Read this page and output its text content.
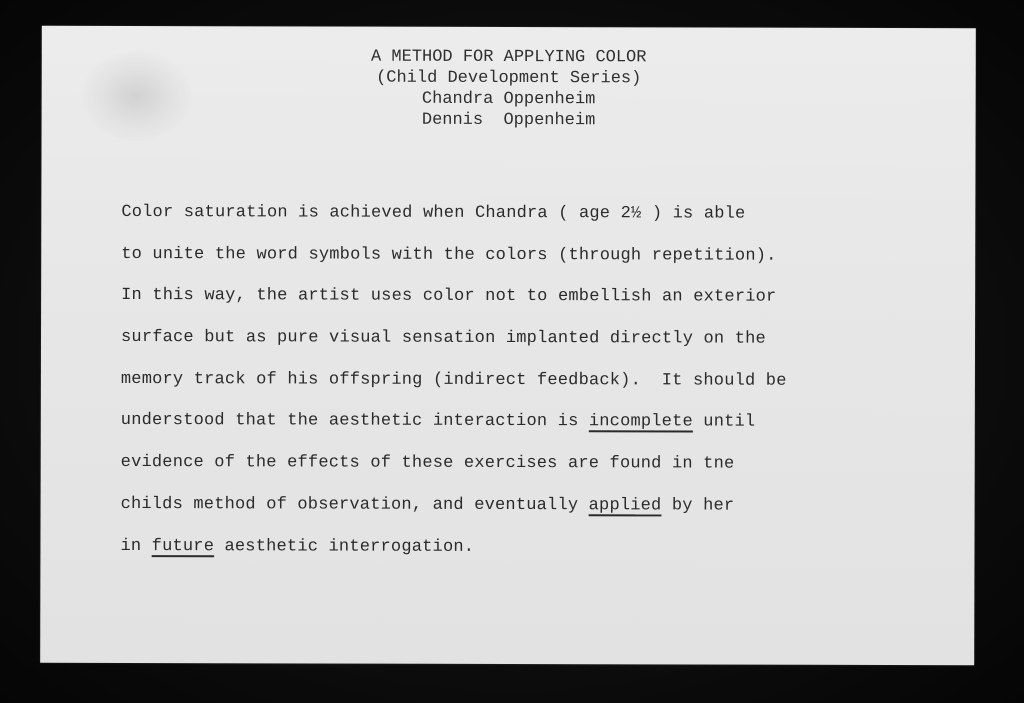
A METHOD FOR APPLYING COLOR
(Child Development Series)
Chandra Oppenheim
Dennis  Oppenheim
Color saturation is achieved when Chandra ( age 2½ ) is able
to unite the word symbols with the colors (through repetition).
In this way, the artist uses color not to embellish an exterior
surface but as pure visual sensation implanted directly on the
memory track of his offspring (indirect feedback).  It should be
understood that the aesthetic interaction is incomplete until
evidence of the effects of these exercises are found in tne
childs method of observation, and eventually applied by her
in future aesthetic interrogation.
